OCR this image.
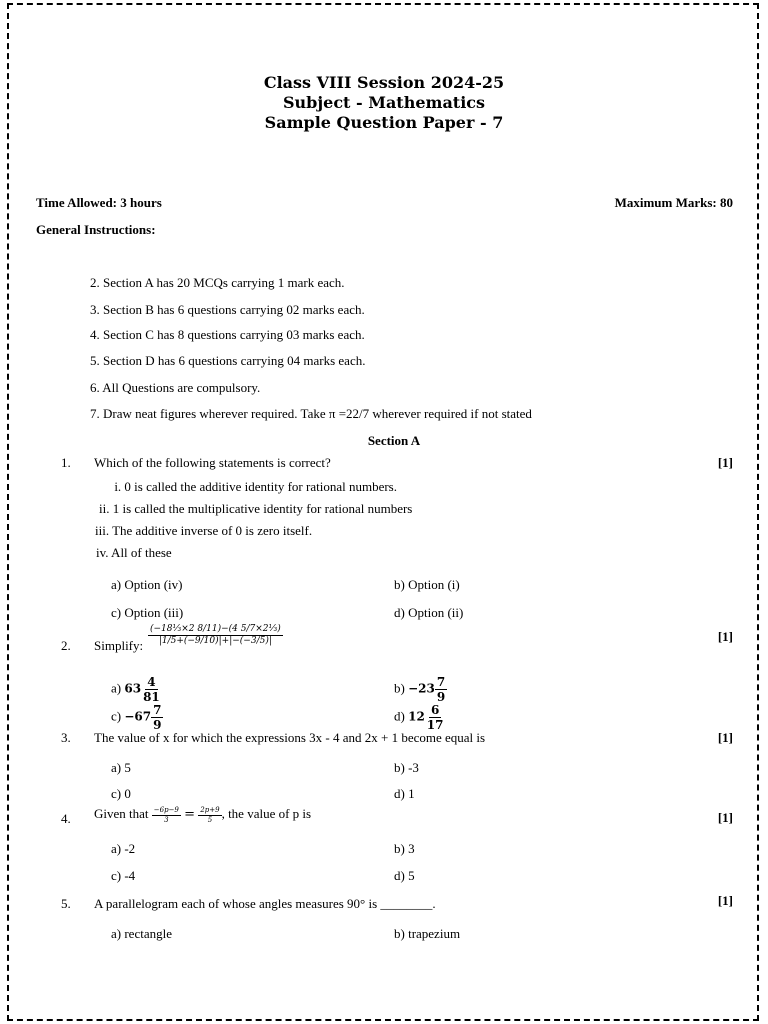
Class VIII Session 2024-25
Subject - Mathematics
Sample Question Paper - 7
Time Allowed: 3 hours	Maximum Marks: 80
General Instructions:
2. Section A has 20 MCQs carrying 1 mark each.
3. Section B has 6 questions carrying 02 marks each.
4. Section C has 8 questions carrying 03 marks each.
5. Section D has 6 questions carrying 04 marks each.
6. All Questions are compulsory.
7. Draw neat figures wherever required. Take π =22/7 wherever required if not stated
Section A
1. Which of the following statements is correct?	[1]
i. 0 is called the additive identity for rational numbers.
ii. 1 is called the multiplicative identity for rational numbers
iii. The additive inverse of 0 is zero itself.
iv. All of these
a) Option (iv)	b) Option (i)
c) Option (iii)	d) Option (ii)
2. Simplify: $\frac{\text{(−18⅓×2 8/11)−(4 5/7×2⅓)}}{|1/5+(-9/10)|+|-(-3/5)|}$	[1]
a) $63 \frac{4}{81}$	$b) -23 \frac{7}{9}$
$c) -67 \frac{7}{9}$	d) $12 \frac{6}{17}$
3. The value of x for which the expressions 3x - 4 and 2x + 1 become equal is	[1]
a) 5	b) -3
c) 0	d) 1
4. Given that $\frac{-6p-9}{3} = \frac{2p+9}{5}$ , the value of p is	[1]
a) -2	b) 3
c) -4	d) 5
5. A parallelogram each of whose angles measures 90° is ________.	[1]
a) rectangle	b) trapezium
